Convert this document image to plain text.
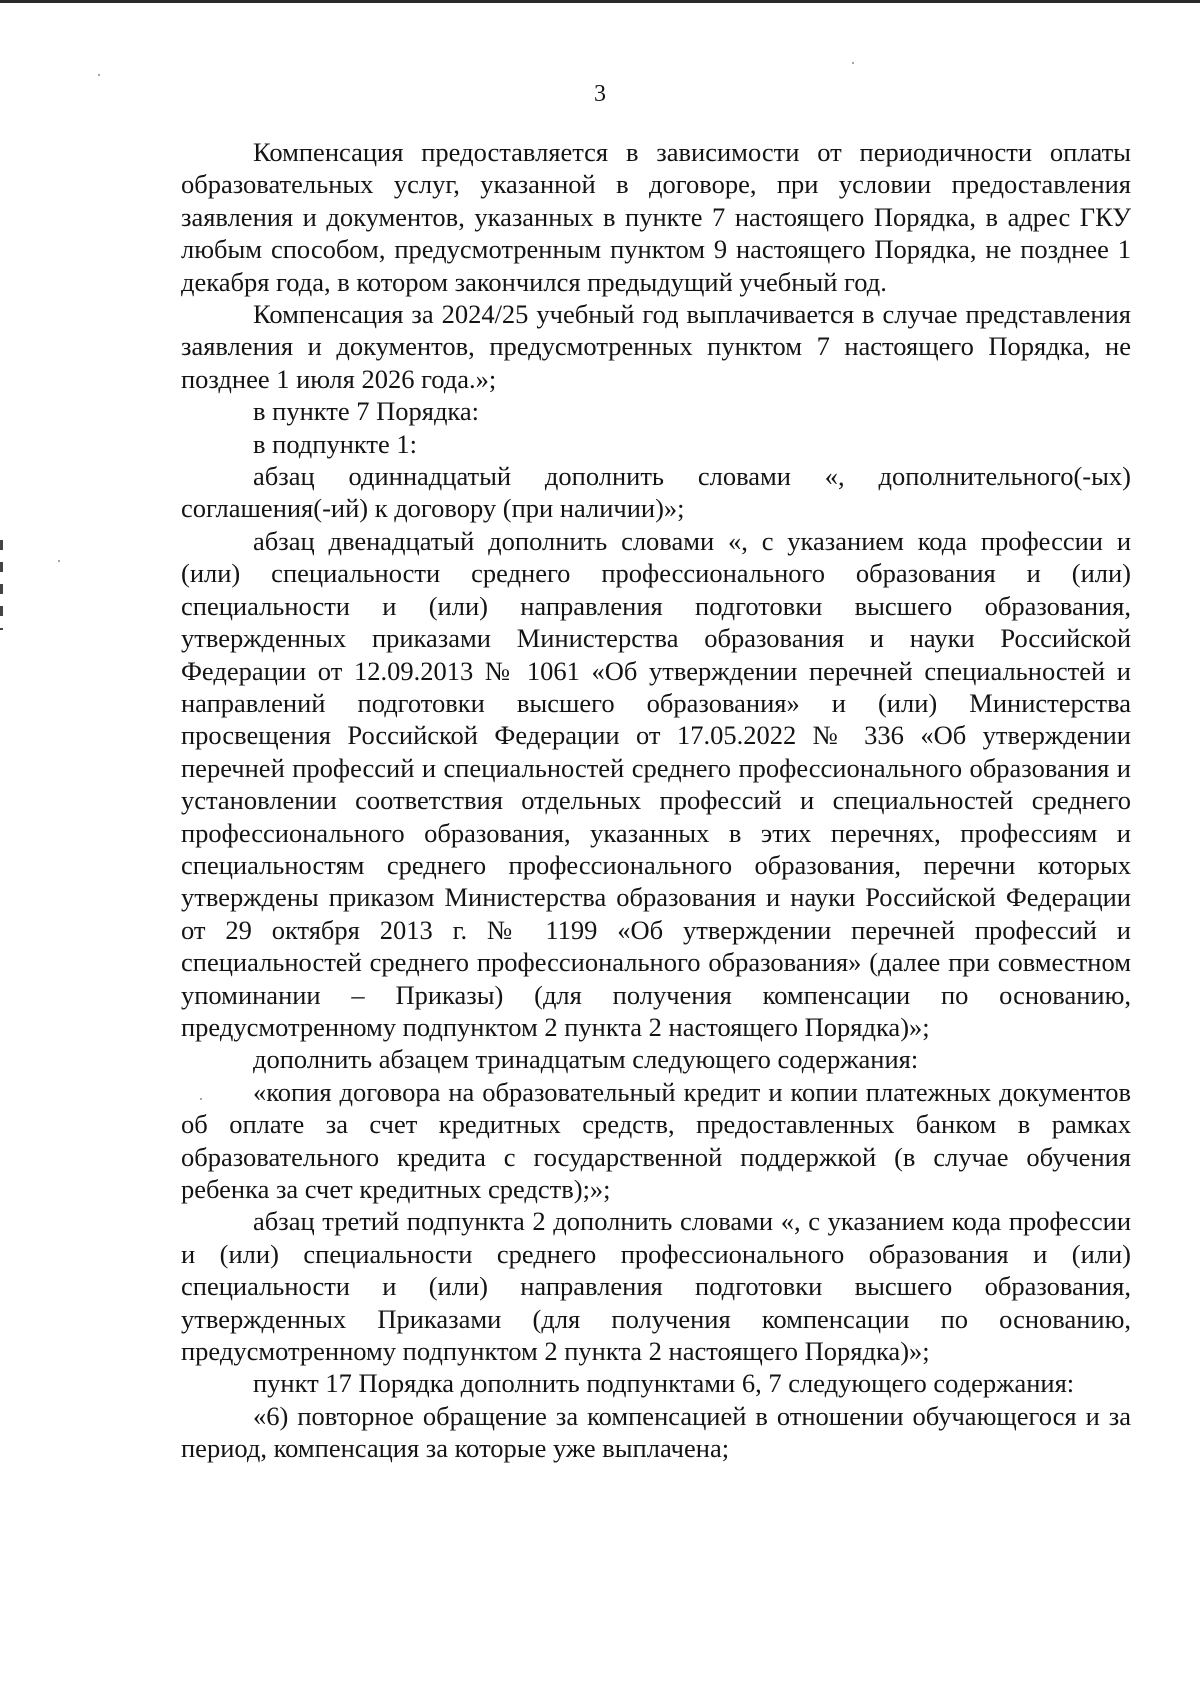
3

Компенсация предоставляется в зависимости от периодичности оплаты образовательных услуг, указанной в договоре, при условии предоставления заявления и документов, указанных в пункте 7 настоящего Порядка, в адрес ГКУ любым способом, предусмотренным пунктом 9 настоящего Порядка, не позднее 1 декабря года, в котором закончился предыдущий учебный год.

Компенсация за 2024/25 учебный год выплачивается в случае представления заявления и документов, предусмотренных пунктом 7 настоящего Порядка, не позднее 1 июля 2026 года.»;

в пункте 7 Порядка:

в подпункте 1:

абзац одиннадцатый дополнить словами «, дополнительного(-ых) соглашения(-ий) к договору (при наличии)»;

абзац двенадцатый дополнить словами «, с указанием кода профессии и (или) специальности среднего профессионального образования и (или) специальности и (или) направления подготовки высшего образования, утвержденных приказами Министерства образования и науки Российской Федерации от 12.09.2013 № 1061 «Об утверждении перечней специальностей и направлений подготовки высшего образования» и (или) Министерства просвещения Российской Федерации от 17.05.2022 № 336 «Об утверждении перечней профессий и специальностей среднего профессионального образования и установлении соответствия отдельных профессий и специальностей среднего профессионального образования, указанных в этих перечнях, профессиям и специальностям среднего профессионального образования, перечни которых утверждены приказом Министерства образования и науки Российской Федерации от 29 октября 2013 г. № 1199 «Об утверждении перечней профессий и специальностей среднего профессионального образования» (далее при совместном упоминании – Приказы) (для получения компенсации по основанию, предусмотренному подпунктом 2 пункта 2 настоящего Порядка)»;

дополнить абзацем тринадцатым следующего содержания:

«копия договора на образовательный кредит и копии платежных документов об оплате за счет кредитных средств, предоставленных банком в рамках образовательного кредита с государственной поддержкой (в случае обучения ребенка за счет кредитных средств);»;

абзац третий подпункта 2 дополнить словами «, с указанием кода профессии и (или) специальности среднего профессионального образования и (или) специальности и (или) направления подготовки высшего образования, утвержденных Приказами (для получения компенсации по основанию, предусмотренному подпунктом 2 пункта 2 настоящего Порядка)»;

пункт 17 Порядка дополнить подпунктами 6, 7 следующего содержания:

«6) повторное обращение за компенсацией в отношении обучающегося и за период, компенсация за которые уже выплачена;
